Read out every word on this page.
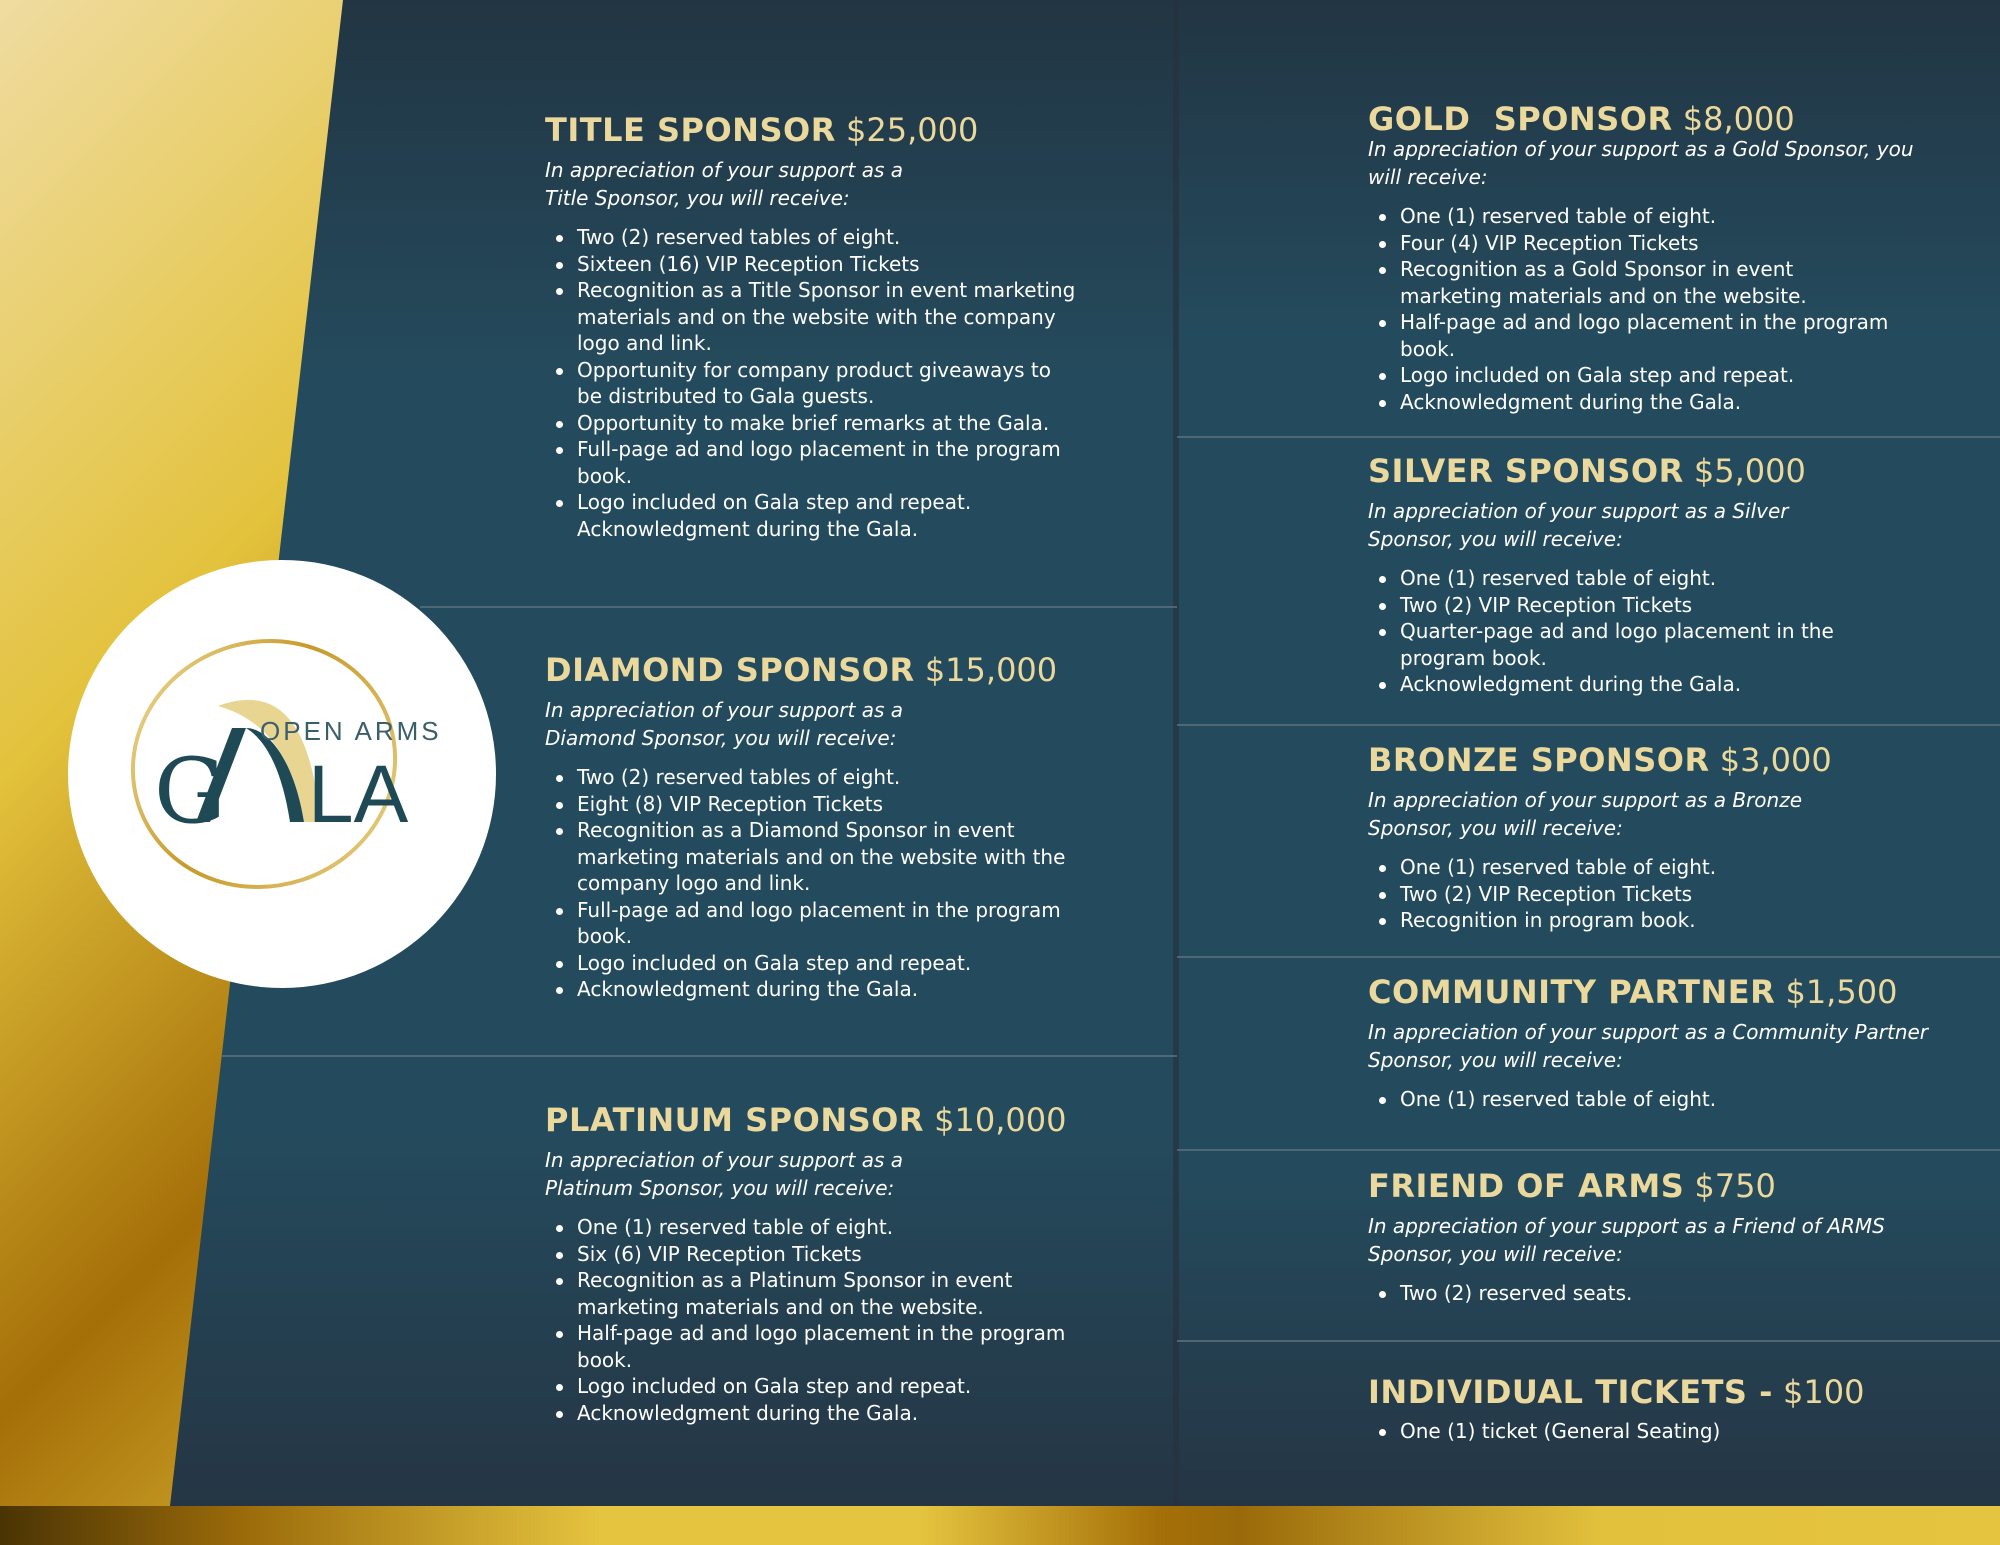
OPEN ARMS
G LA
TITLE SPONSOR $25,000

In appreciation of your support as a
Title Sponsor, you will receive:

Two (2) reserved tables of eight.
Sixteen (16) VIP Reception Tickets
Recognition as a Title Sponsor in event marketing materials and on the website with the company logo and link.
Opportunity for company product giveaways to be distributed to Gala guests.
Opportunity to make brief remarks at the Gala.
Full-page ad and logo placement in the program book.
Logo included on Gala step and repeat.
Acknowledgment during the Gala.
DIAMOND SPONSOR $15,000

In appreciation of your support as a
Diamond Sponsor, you will receive:

Two (2) reserved tables of eight.
Eight (8) VIP Reception Tickets
Recognition as a Diamond Sponsor in event marketing materials and on the website with the company logo and link.
Full-page ad and logo placement in the program book.
Logo included on Gala step and repeat.
Acknowledgment during the Gala.
PLATINUM SPONSOR $10,000

In appreciation of your support as a
Platinum Sponsor, you will receive:

One (1) reserved table of eight.
Six (6) VIP Reception Tickets
Recognition as a Platinum Sponsor in event marketing materials and on the website.
Half-page ad and logo placement in the program book.
Logo included on Gala step and repeat.
Acknowledgment during the Gala.
GOLD  SPONSOR $8,000

In appreciation of your support as a Gold Sponsor, you
will receive:

One (1) reserved table of eight.
Four (4) VIP Reception Tickets
Recognition as a Gold Sponsor in event marketing materials and on the website.
Half-page ad and logo placement in the program book.
Logo included on Gala step and repeat.
Acknowledgment during the Gala.
SILVER SPONSOR $5,000

In appreciation of your support as a Silver
Sponsor, you will receive:

One (1) reserved table of eight.
Two (2) VIP Reception Tickets
Quarter-page ad and logo placement in the program book.
Acknowledgment during the Gala.
BRONZE SPONSOR $3,000

In appreciation of your support as a Bronze
Sponsor, you will receive:

One (1) reserved table of eight.
Two (2) VIP Reception Tickets
Recognition in program book.
COMMUNITY PARTNER $1,500

In appreciation of your support as a Community Partner
Sponsor, you will receive:

One (1) reserved table of eight.
FRIEND OF ARMS $750

In appreciation of your support as a Friend of ARMS
Sponsor, you will receive:

Two (2) reserved seats.
INDIVIDUAL TICKETS - $100
One (1) ticket (General Seating)
